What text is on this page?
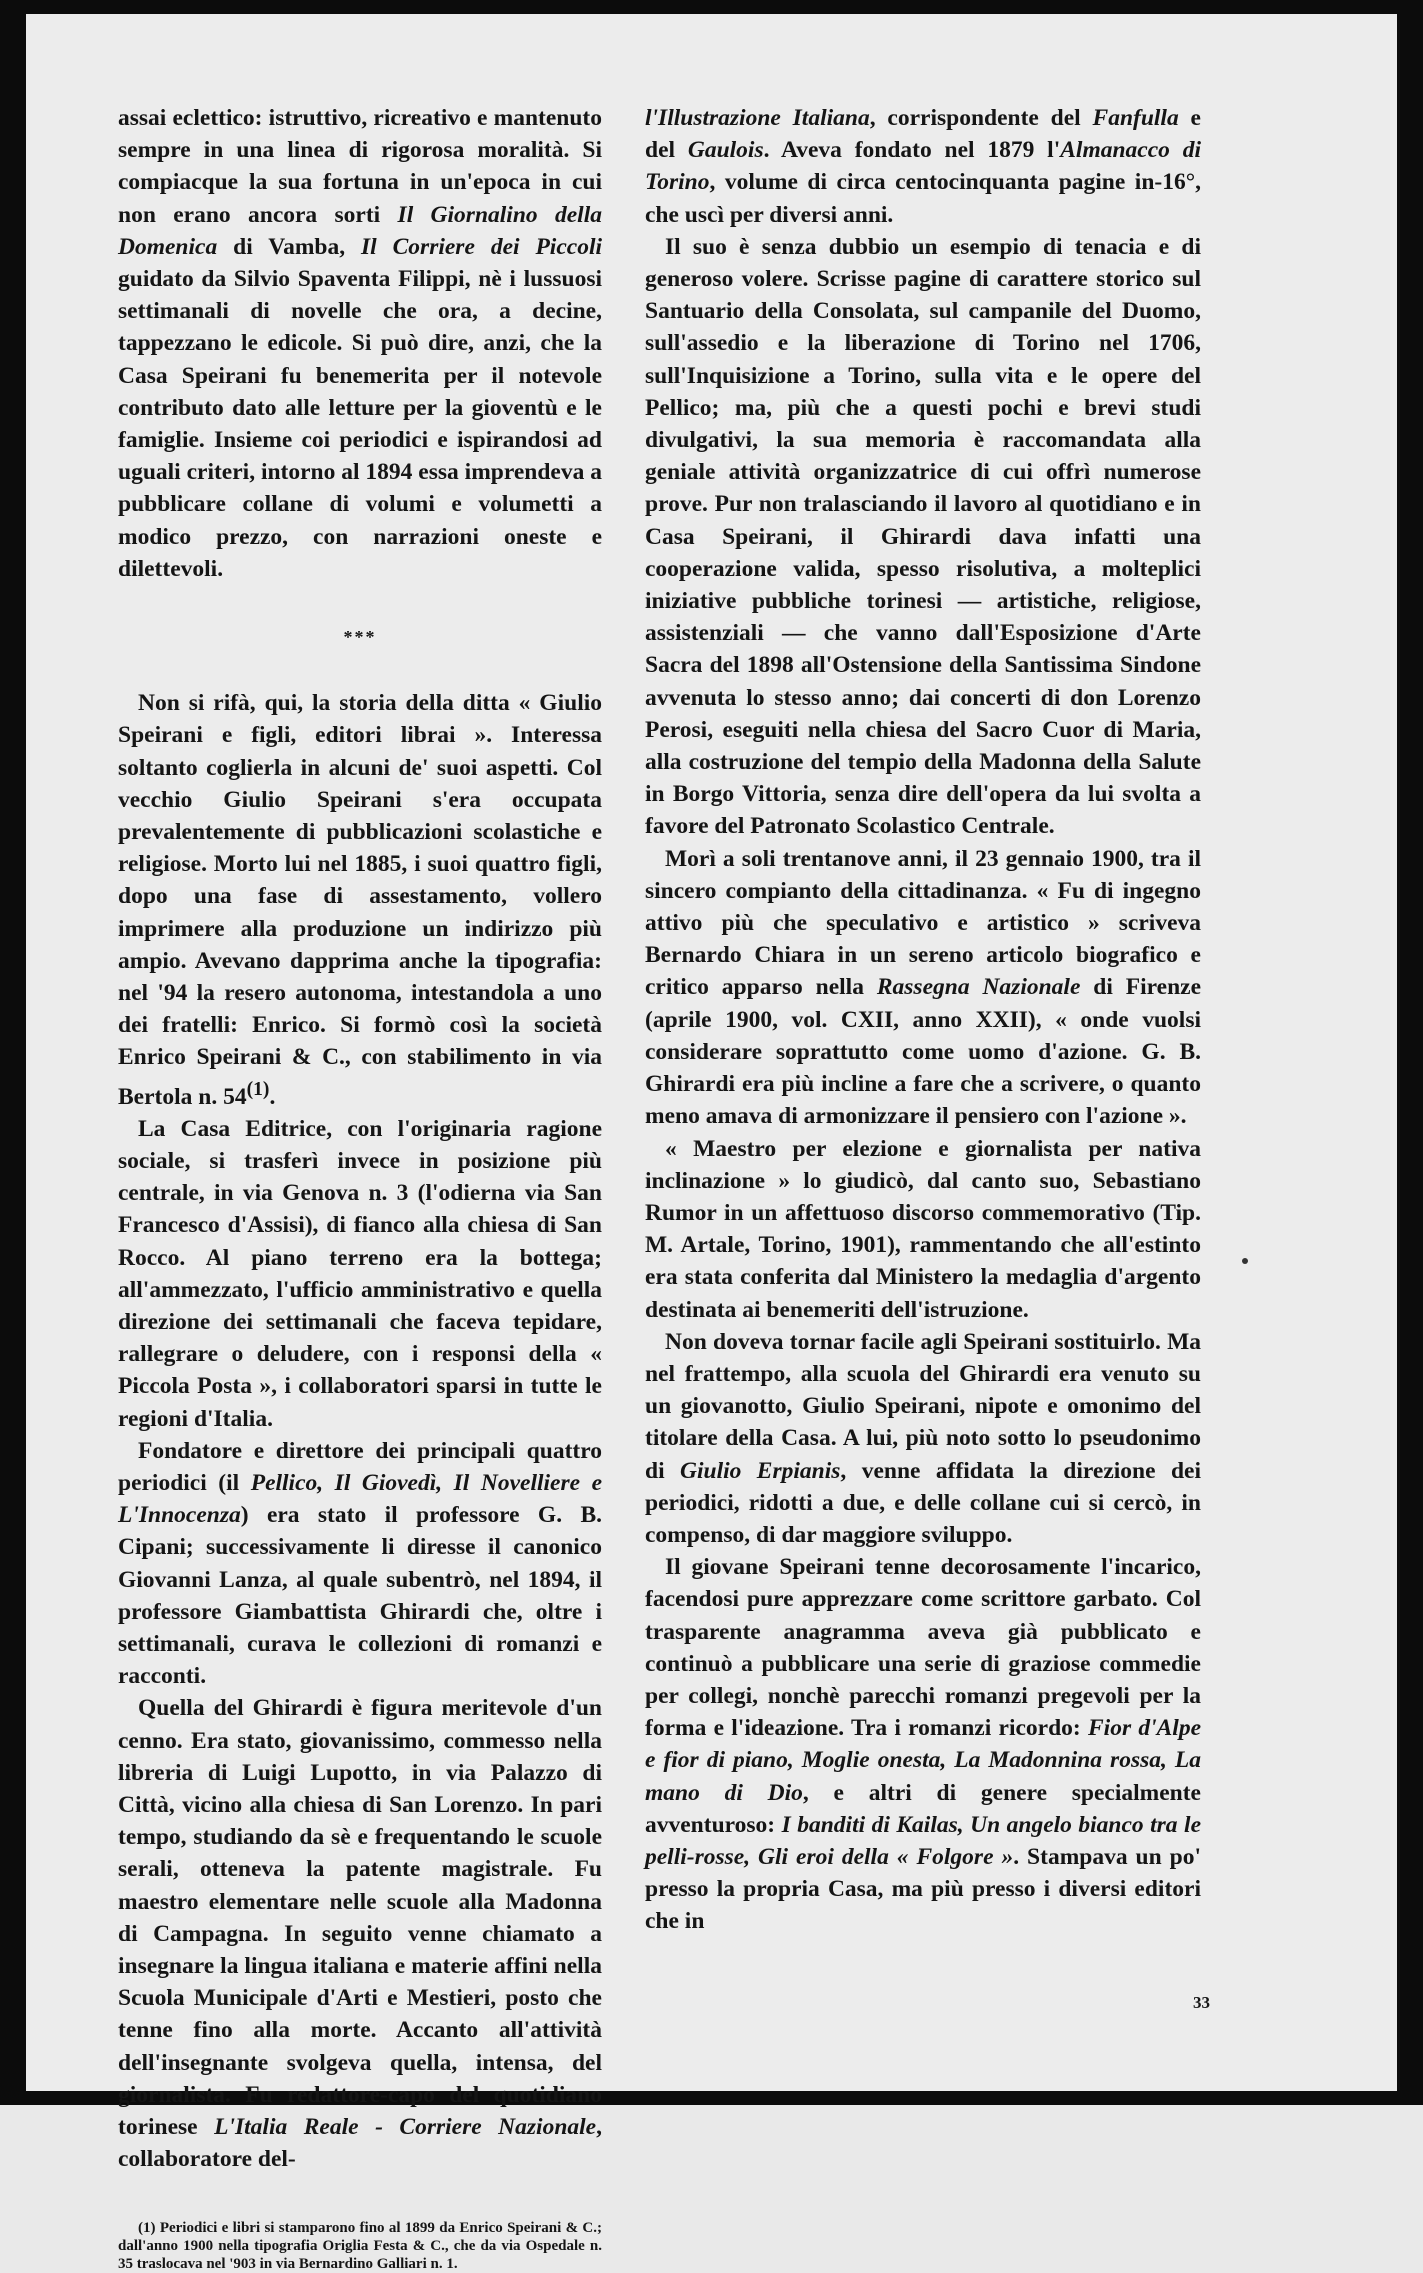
assai eclettico: istruttivo, ricreativo e mantenuto sempre in una linea di rigorosa moralità. Si compiacque la sua fortuna in un'epoca in cui non erano ancora sorti Il Giornalino della Domenica di Vamba, Il Corriere dei Piccoli guidato da Silvio Spaventa Filippi, nè i lussuosi settimanali di novelle che ora, a decine, tappezzano le edicole. Si può dire, anzi, che la Casa Speirani fu benemerita per il notevole contributo dato alle letture per la gioventù e le famiglie. Insieme coi periodici e ispirandosi ad uguali criteri, intorno al 1894 essa imprendeva a pubblicare collane di volumi e volumetti a modico prezzo, con narrazioni oneste e dilettevoli.

***

Non si rifà, qui, la storia della ditta « Giulio Speirani e figli, editori librai ». Interessa soltanto coglierla in alcuni de' suoi aspetti. Col vecchio Giulio Speirani s'era occupata prevalentemente di pubblicazioni scolastiche e religiose. Morto lui nel 1885, i suoi quattro figli, dopo una fase di assestamento, vollero imprimere alla produzione un indirizzo più ampio. Avevano dapprima anche la tipografia: nel '94 la resero autonoma, intestandola a uno dei fratelli: Enrico. Si formò così la società Enrico Speirani & C., con stabilimento in via Bertola n. 54$^{(1)}$.

La Casa Editrice, con l'originaria ragione sociale, si trasferì invece in posizione più centrale, in via Genova n. 3 (l'odierna via San Francesco d'Assisi), di fianco alla chiesa di San Rocco. Al piano terreno era la bottega; all'ammezzato, l'ufficio amministrativo e quella direzione dei settimanali che faceva tepidare, rallegrare o deludere, con i responsi della « Piccola Posta », i collaboratori sparsi in tutte le regioni d'Italia.

Fondatore e direttore dei principali quattro periodici (il Pellico, Il Giovedì, Il Novelliere e L'Innocenza) era stato il professore G. B. Cipani; successivamente li diresse il canonico Giovanni Lanza, al quale subentrò, nel 1894, il professore Giambattista Ghirardi che, oltre i settimanali, curava le collezioni di romanzi e racconti.

Quella del Ghirardi è figura meritevole d'un cenno. Era stato, giovanissimo, commesso nella libreria di Luigi Lupotto, in via Palazzo di Città, vicino alla chiesa di San Lorenzo. In pari tempo, studiando da sè e frequentando le scuole serali, otteneva la patente magistrale. Fu maestro elementare nelle scuole alla Madonna di Campagna. In seguito venne chiamato a insegnare la lingua italiana e materie affini nella Scuola Municipale d'Arti e Mestieri, posto che tenne fino alla morte. Accanto all'attività dell'insegnante svolgeva quella, intensa, del giornalista. Fu redattore-capo del quotidiano torinese L'Italia Reale - Corriere Nazionale, collaboratore del-

(1) Periodici e libri si stamparono fino al 1899 da Enrico Speirani & C.; dall'anno 1900 nella tipografia Origlia Festa & C., che da via Ospedale n. 35 traslocava nel '903 in via Bernardino Galliari n. 1.

l'Illustrazione Italiana, corrispondente del Fanfulla e del Gaulois. Aveva fondato nel 1879 l'Almanacco di Torino, volume di circa centocinquanta pagine in-16°, che uscì per diversi anni.

Il suo è senza dubbio un esempio di tenacia e di generoso volere. Scrisse pagine di carattere storico sul Santuario della Consolata, sul campanile del Duomo, sull'assedio e la liberazione di Torino nel 1706, sull'Inquisizione a Torino, sulla vita e le opere del Pellico; ma, più che a questi pochi e brevi studi divulgativi, la sua memoria è raccomandata alla geniale attività organizzatrice di cui offrì numerose prove. Pur non tralasciando il lavoro al quotidiano e in Casa Speirani, il Ghirardi dava infatti una cooperazione valida, spesso risolutiva, a molteplici iniziative pubbliche torinesi — artistiche, religiose, assistenziali — che vanno dall'Esposizione d'Arte Sacra del 1898 all'Ostensione della Santissima Sindone avvenuta lo stesso anno; dai concerti di don Lorenzo Perosi, eseguiti nella chiesa del Sacro Cuor di Maria, alla costruzione del tempio della Madonna della Salute in Borgo Vittoria, senza dire dell'opera da lui svolta a favore del Patronato Scolastico Centrale.

Morì a soli trentanove anni, il 23 gennaio 1900, tra il sincero compianto della cittadinanza. « Fu di ingegno attivo più che speculativo e artistico » scriveva Bernardo Chiara in un sereno articolo biografico e critico apparso nella Rassegna Nazionale di Firenze (aprile 1900, vol. CXII, anno XXII), « onde vuolsi considerare soprattutto come uomo d'azione. G. B. Ghirardi era più incline a fare che a scrivere, o quanto meno amava di armonizzare il pensiero con l'azione ».

« Maestro per elezione e giornalista per nativa inclinazione » lo giudicò, dal canto suo, Sebastiano Rumor in un affettuoso discorso commemorativo (Tip. M. Artale, Torino, 1901), rammentando che all'estinto era stata conferita dal Ministero la medaglia d'argento destinata ai benemeriti dell'istruzione.

Non doveva tornar facile agli Speirani sostituirlo. Ma nel frattempo, alla scuola del Ghirardi era venuto su un giovanotto, Giulio Speirani, nipote e omonimo del titolare della Casa. A lui, più noto sotto lo pseudonimo di Giulio Erpianis, venne affidata la direzione dei periodici, ridotti a due, e delle collane cui si cercò, in compenso, di dar maggiore sviluppo.

Il giovane Speirani tenne decorosamente l'incarico, facendosi pure apprezzare come scrittore garbato. Col trasparente anagramma aveva già pubblicato e continuò a pubblicare una serie di graziose commedie per collegi, nonchè parecchi romanzi pregevoli per la forma e l'ideazione. Tra i romanzi ricordo: Fior d'Alpe e fior di piano, Moglie onesta, La Madonnina rossa, La mano di Dio, e altri di genere specialmente avventuroso: I banditi di Kailas, Un angelo bianco tra le pelli-rosse, Gli eroi della « Folgore ». Stampava un po' presso la propria Casa, ma più presso i diversi editori che in

33
